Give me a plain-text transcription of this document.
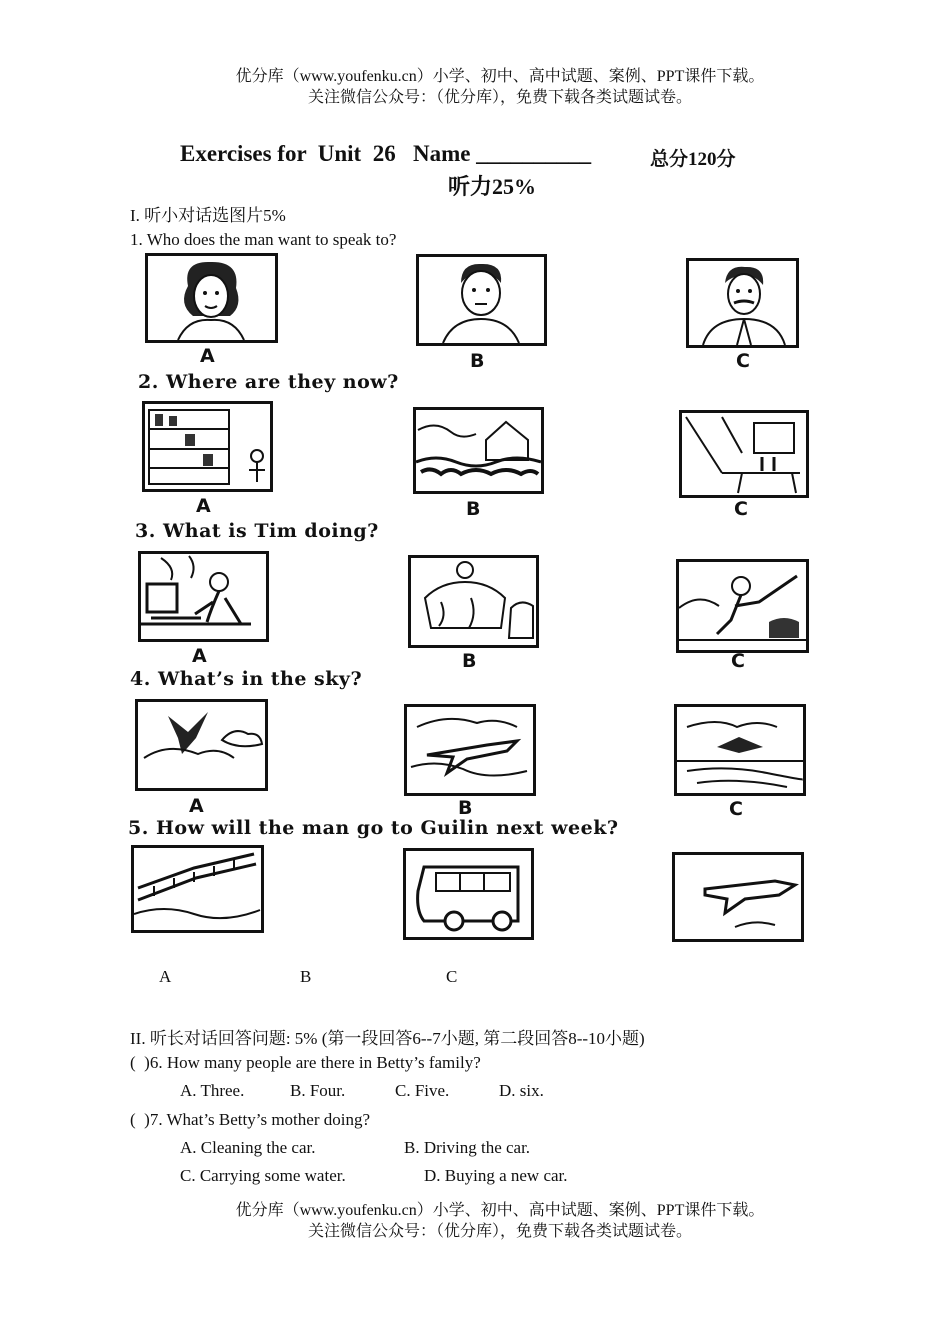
优分库（www.youfenku.cn）小学、初中、高中试题、案例、PPT课件下载。
关注微信公众号：（优分库），免费下载各类试题试卷。
Exercises for  Unit  26   Name __________	总分120分
听力25%
I. 听小对话选图片5%
1. Who does the man want to speak to?
A	B	C
2. Where are they now?
A	B	C
3. What is Tim doing?
A	B	C
4. What’s in the sky?
A	B	C
5. How will the man go to Guilin next week?
A	B	C
II. 听长对话回答问题: 5% (第一段回答6--7小题, 第二段回答8--10小题)
(  )6. How many people are there in Betty’s family?
A. Three.	B. Four.	C. Five.	D. six.
(  )7. What’s Betty’s mother doing?
A. Cleaning the car.	B. Driving the car.
C. Carrying some water.	D. Buying a new car.
优分库（www.youfenku.cn）小学、初中、高中试题、案例、PPT课件下载。
关注微信公众号：（优分库），免费下载各类试题试卷。
